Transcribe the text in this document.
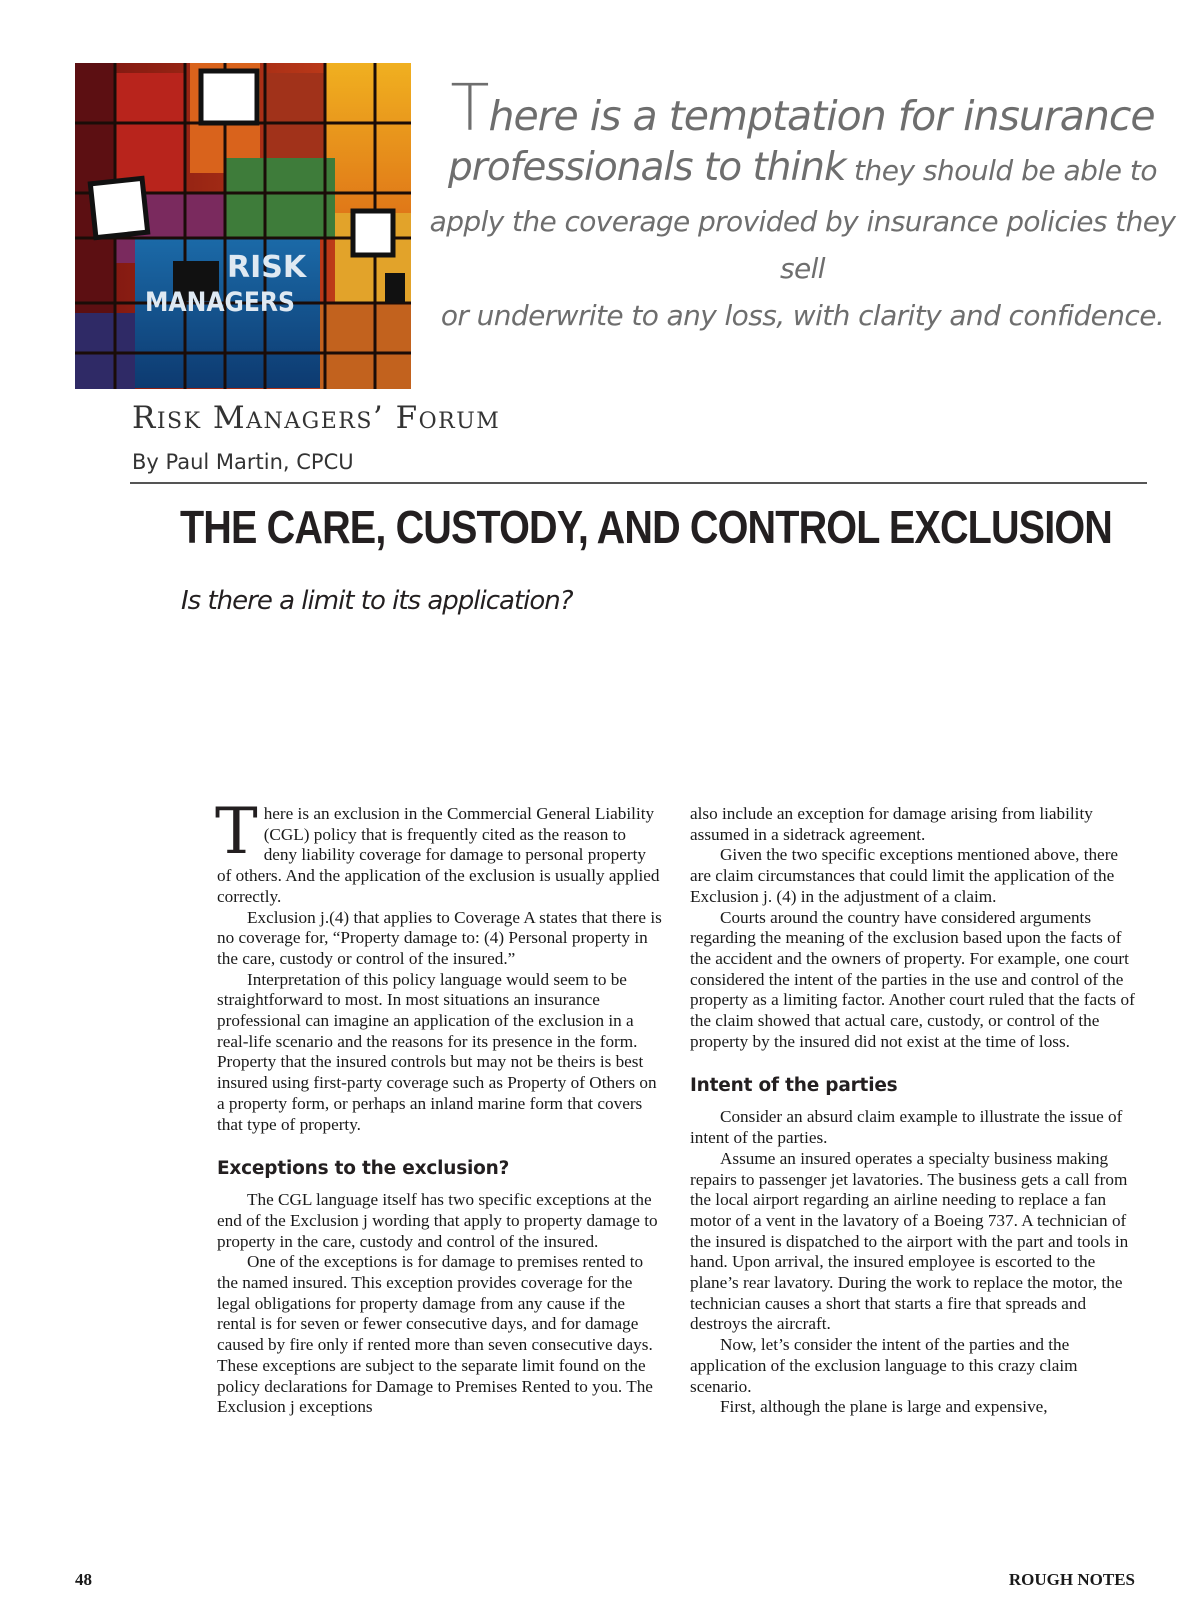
RISK
MANAGERS
There is a temptation for insurance
professionals to think they should be able to
apply the coverage provided by insurance policies they sell
or underwrite to any loss, with clarity and confidence.
Risk Managers’ Forum
By Paul Martin, CPCU
THE CARE, CUSTODY, AND CONTROL EXCLUSION
Is there a limit to its application?

There is an exclusion in the Commercial General Liability (CGL) policy that is frequently cited as the reason to deny liability coverage for damage to personal property of others. And the application of the exclusion is usually applied correctly.

Exclusion j.(4) that applies to Coverage A states that there is no coverage for, “Property damage to: (4) Personal property in the care, custody or control of the insured.”

Interpretation of this policy language would seem to be straightforward to most. In most situations an insurance professional can imagine an application of the exclusion in a real-life scenario and the reasons for its presence in the form. Property that the insured controls but may not be theirs is best insured using first-party coverage such as Property of Others on a property form, or perhaps an inland marine form that covers that type of property.

Exceptions to the exclusion?

The CGL language itself has two specific exceptions at the end of the Exclusion j wording that apply to property damage to property in the care, custody and control of the insured.

One of the exceptions is for damage to premises rented to the named insured. This exception provides coverage for the legal obligations for property damage from any cause if the rental is for seven or fewer consecutive days, and for damage caused by fire only if rented more than seven consecutive days. These exceptions are subject to the separate limit found on the policy declarations for Damage to Premises Rented to you. The Exclusion j exceptions

also include an exception for damage arising from liability assumed in a sidetrack agreement.

Given the two specific exceptions mentioned above, there are claim circumstances that could limit the application of the Exclusion j. (4) in the adjustment of a claim.

Courts around the country have considered arguments regarding the meaning of the exclusion based upon the facts of the accident and the owners of property. For example, one court considered the intent of the parties in the use and control of the property as a limiting factor. Another court ruled that the facts of the claim showed that actual care, custody, or control of the property by the insured did not exist at the time of loss.

Intent of the parties

Consider an absurd claim example to illustrate the issue of intent of the parties.

Assume an insured operates a specialty business making repairs to passenger jet lavatories. The business gets a call from the local airport regarding an airline needing to replace a fan motor of a vent in the lavatory of a Boeing 737. A technician of the insured is dispatched to the airport with the part and tools in hand. Upon arrival, the insured employee is escorted to the plane’s rear lavatory. During the work to replace the motor, the technician causes a short that starts a fire that spreads and destroys the aircraft.

Now, let’s consider the intent of the parties and the application of the exclusion language to this crazy claim scenario.

First, although the plane is large and expensive,

48	ROUGH NOTES
